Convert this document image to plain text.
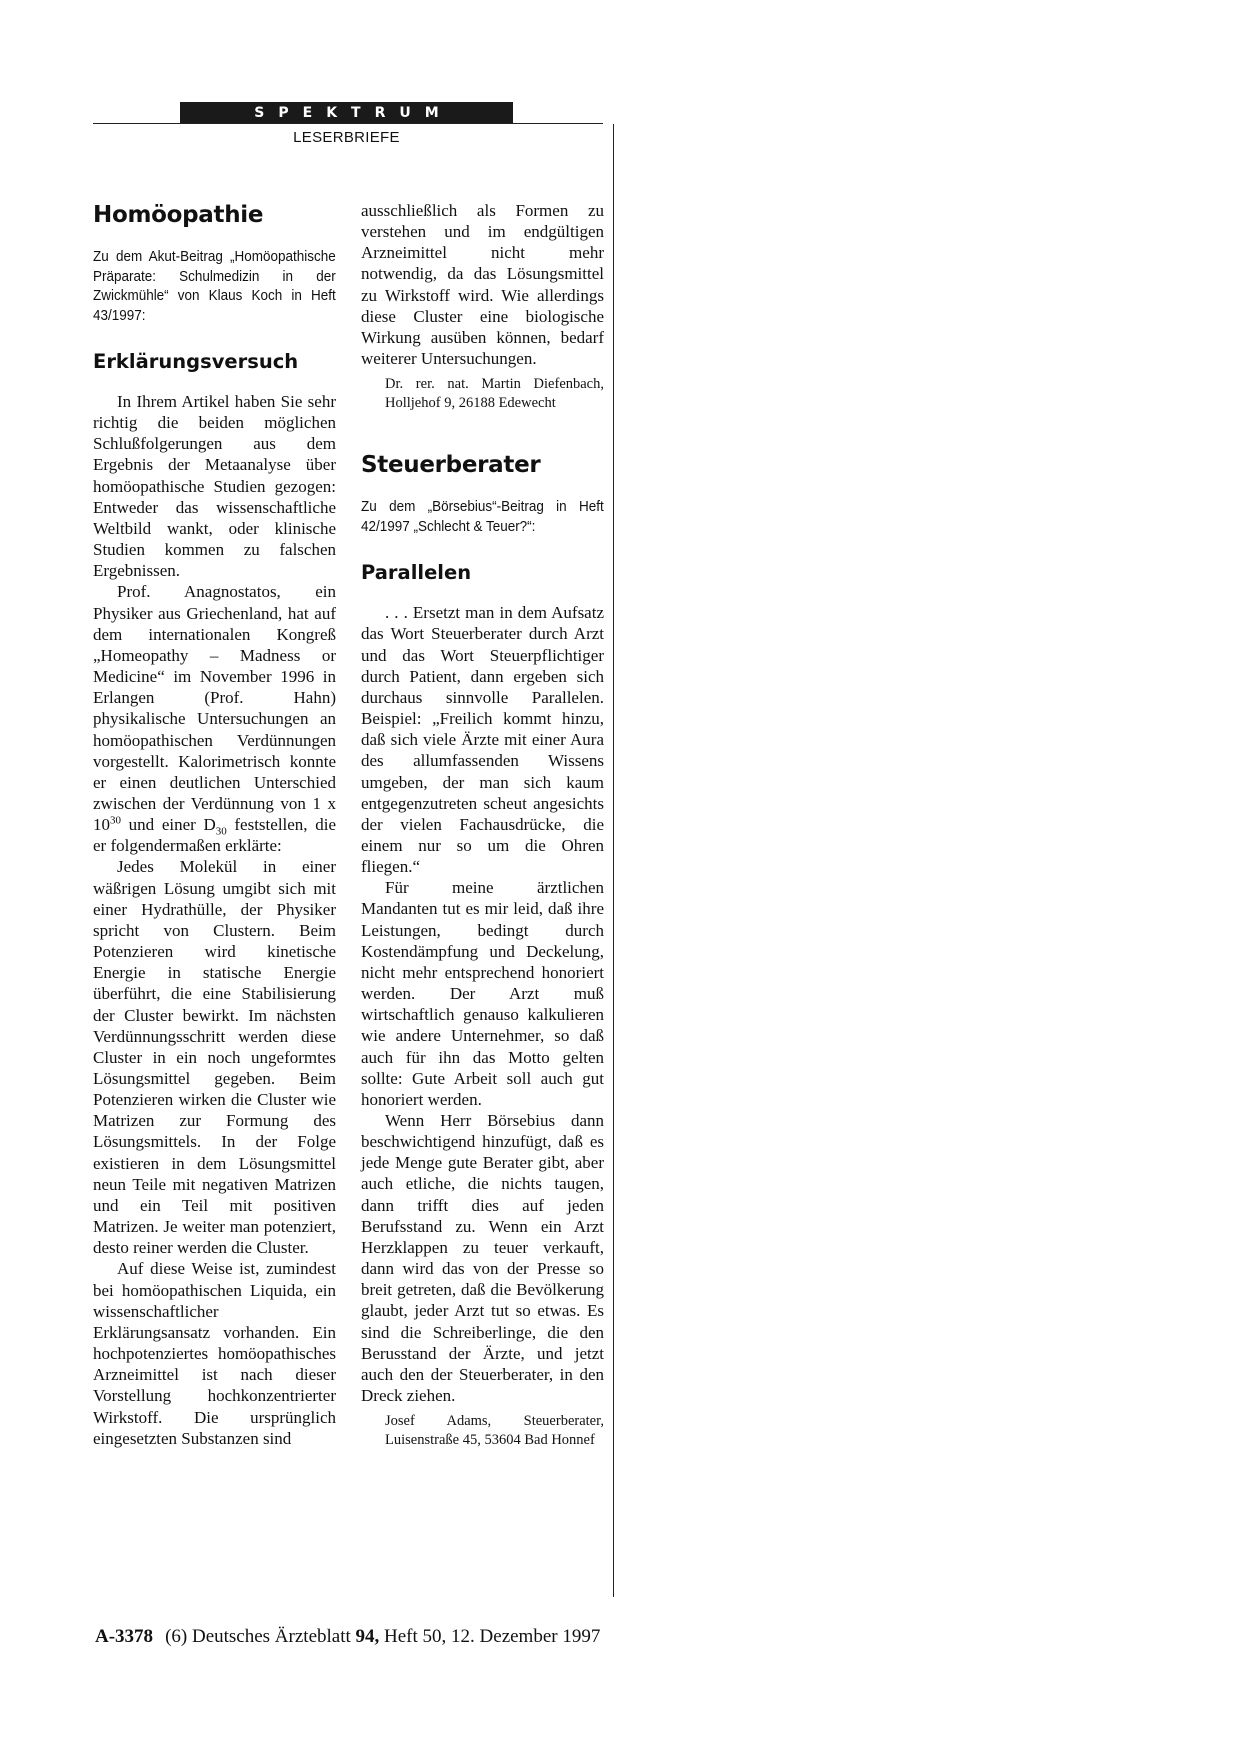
SPEKTRUM
LESERBRIEFE
Homöopathie

Zu dem Akut-Beitrag „Homöopathische Präparate: Schulmedizin in der Zwickmühle“ von Klaus Koch in Heft 43/1997:

Erklärungsversuch

In Ihrem Artikel haben Sie sehr richtig die beiden möglichen Schlußfolgerungen aus dem Ergebnis der Metaanalyse über homöopathische Studien gezogen: Entweder das wissenschaftliche Weltbild wankt, oder klinische Studien kommen zu falschen Ergebnissen.

Prof. Anagnostatos, ein Physiker aus Griechenland, hat auf dem internationalen Kongreß „Homeopathy – Madness or Medicine“ im November 1996 in Erlangen (Prof. Hahn) physikalische Untersuchungen an homöopathischen Verdünnungen vorgestellt. Kalorimetrisch konnte er einen deutlichen Unterschied zwischen der Verdünnung von 1 x $10^{30}$ und einer $D_{30}$ feststellen, die er folgendermaßen erklärte:

Jedes Molekül in einer wäßrigen Lösung umgibt sich mit einer Hydrathülle, der Physiker spricht von Clustern. Beim Potenzieren wird kinetische Energie in statische Energie überführt, die eine Stabilisierung der Cluster bewirkt. Im nächsten Verdünnungsschritt werden diese Cluster in ein noch ungeformtes Lösungsmittel gegeben. Beim Potenzieren wirken die Cluster wie Matrizen zur Formung des Lösungsmittels. In der Folge existieren in dem Lösungsmittel neun Teile mit negativen Matrizen und ein Teil mit positiven Matrizen. Je weiter man potenziert, desto reiner werden die Cluster.

Auf diese Weise ist, zumindest bei homöopathischen Liquida, ein wissenschaftlicher Erklärungsansatz vorhanden. Ein hochpotenziertes homöopathisches Arzneimittel ist nach dieser Vorstellung hochkonzentrierter Wirkstoff. Die ursprünglich eingesetzten Substanzen sind

ausschließlich als Formen zu verstehen und im endgültigen Arzneimittel nicht mehr notwendig, da das Lösungsmittel zu Wirkstoff wird. Wie allerdings diese Cluster eine biologische Wirkung ausüben können, bedarf weiterer Untersuchungen.

Dr. rer. nat. Martin Diefenbach, Holljehof 9, 26188 Edewecht

Steuerberater

Zu dem „Börsebius“-Beitrag in Heft 42/1997 „Schlecht & Teuer?“:

Parallelen

. . . Ersetzt man in dem Aufsatz das Wort Steuerberater durch Arzt und das Wort Steuerpflichtiger durch Patient, dann ergeben sich durchaus sinnvolle Parallelen. Beispiel: „Freilich kommt hinzu, daß sich viele Ärzte mit einer Aura des allumfassenden Wissens umgeben, der man sich kaum entgegenzutreten scheut angesichts der vielen Fachausdrücke, die einem nur so um die Ohren fliegen.“

Für meine ärztlichen Mandanten tut es mir leid, daß ihre Leistungen, bedingt durch Kostendämpfung und Deckelung, nicht mehr entsprechend honoriert werden. Der Arzt muß wirtschaftlich genauso kalkulieren wie andere Unternehmer, so daß auch für ihn das Motto gelten sollte: Gute Arbeit soll auch gut honoriert werden.

Wenn Herr Börsebius dann beschwichtigend hinzufügt, daß es jede Menge gute Berater gibt, aber auch etliche, die nichts taugen, dann trifft dies auf jeden Berufsstand zu. Wenn ein Arzt Herzklappen zu teuer verkauft, dann wird das von der Presse so breit getreten, daß die Bevölkerung glaubt, jeder Arzt tut so etwas. Es sind die Schreiberlinge, die den Berusstand der Ärzte, und jetzt auch den der Steuerberater, in den Dreck ziehen.

Josef Adams, Steuerberater, Luisenstraße 45, 53604 Bad Honnef

A-3378 (6) Deutsches Ärzteblatt 94, Heft 50, 12. Dezember 1997
